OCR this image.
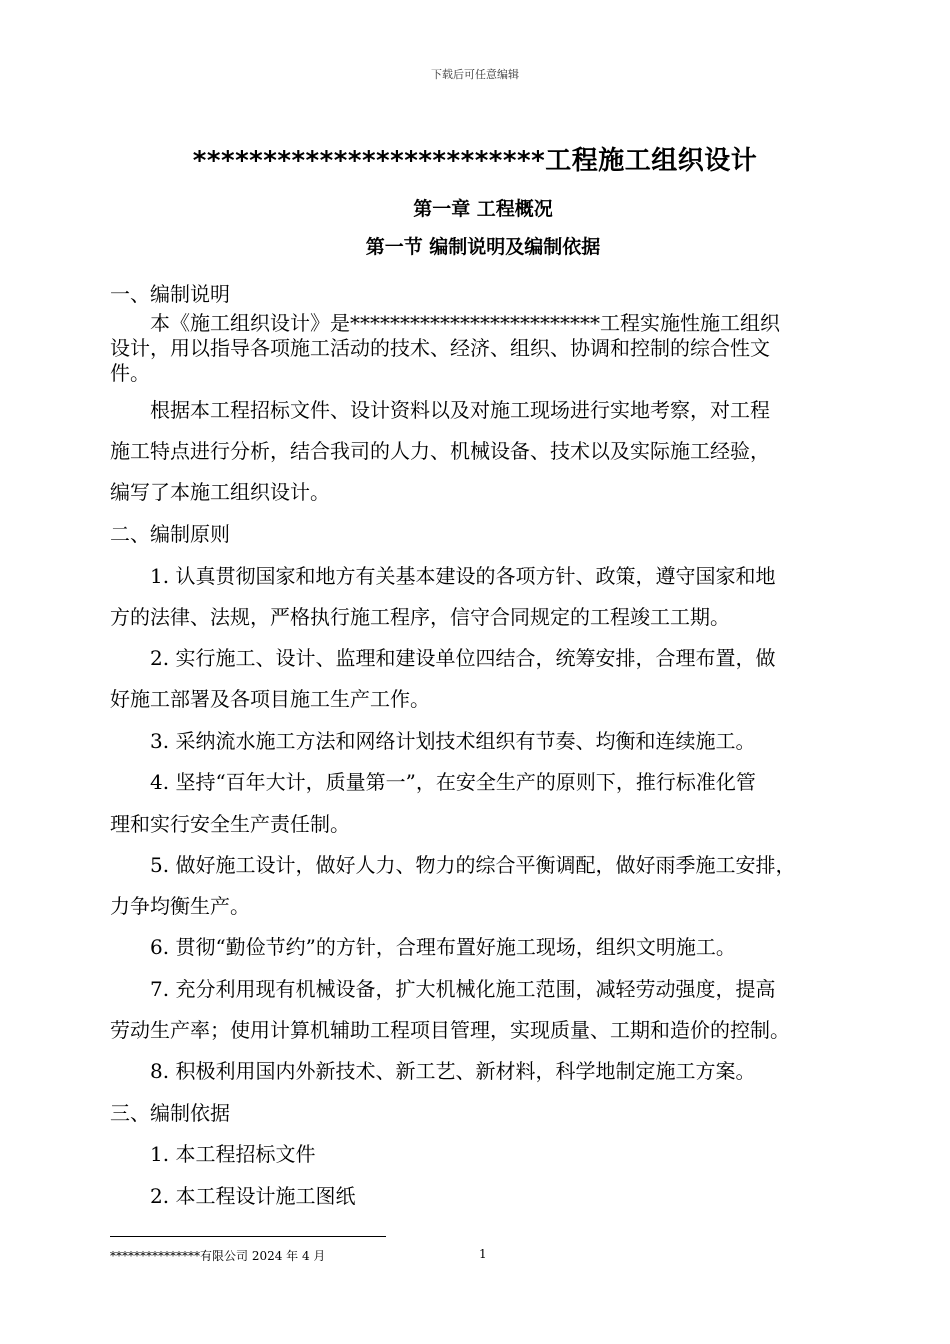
下载后可任意编辑
*************************工程施工组织设计
第一章 工程概况
第一节 编制说明及编制依据
一、编制说明
本《施工组织设计》是*************************工程实施性施工组织
设计，用以指导各项施工活动的技术、经济、组织、协调和控制的综合性文
件。
根据本工程招标文件、设计资料以及对施工现场进行实地考察，对工程
施工特点进行分析，结合我司的人力、机械设备、技术以及实际施工经验，
编写了本施工组织设计。
二、编制原则
1. 认真贯彻国家和地方有关基本建设的各项方针、政策，遵守国家和地
方的法律、法规，严格执行施工程序，信守合同规定的工程竣工工期。
2. 实行施工、设计、监理和建设单位四结合，统筹安排，合理布置，做
好施工部署及各项目施工生产工作。
3. 采纳流水施工方法和网络计划技术组织有节奏、均衡和连续施工。
4. 坚持“百年大计，质量第一”，在安全生产的原则下，推行标准化管
理和实行安全生产责任制。
5. 做好施工设计，做好人力、物力的综合平衡调配，做好雨季施工安排，
力争均衡生产。
6. 贯彻“勤俭节约”的方针，合理布置好施工现场，组织文明施工。
7. 充分利用现有机械设备，扩大机械化施工范围，减轻劳动强度，提高
劳动生产率；使用计算机辅助工程项目管理，实现质量、工期和造价的控制。
8. 积极利用国内外新技术、新工艺、新材料，科学地制定施工方案。
三、编制依据
1. 本工程招标文件
2. 本工程设计施工图纸
***************有限公司 2024 年 4 月	1
